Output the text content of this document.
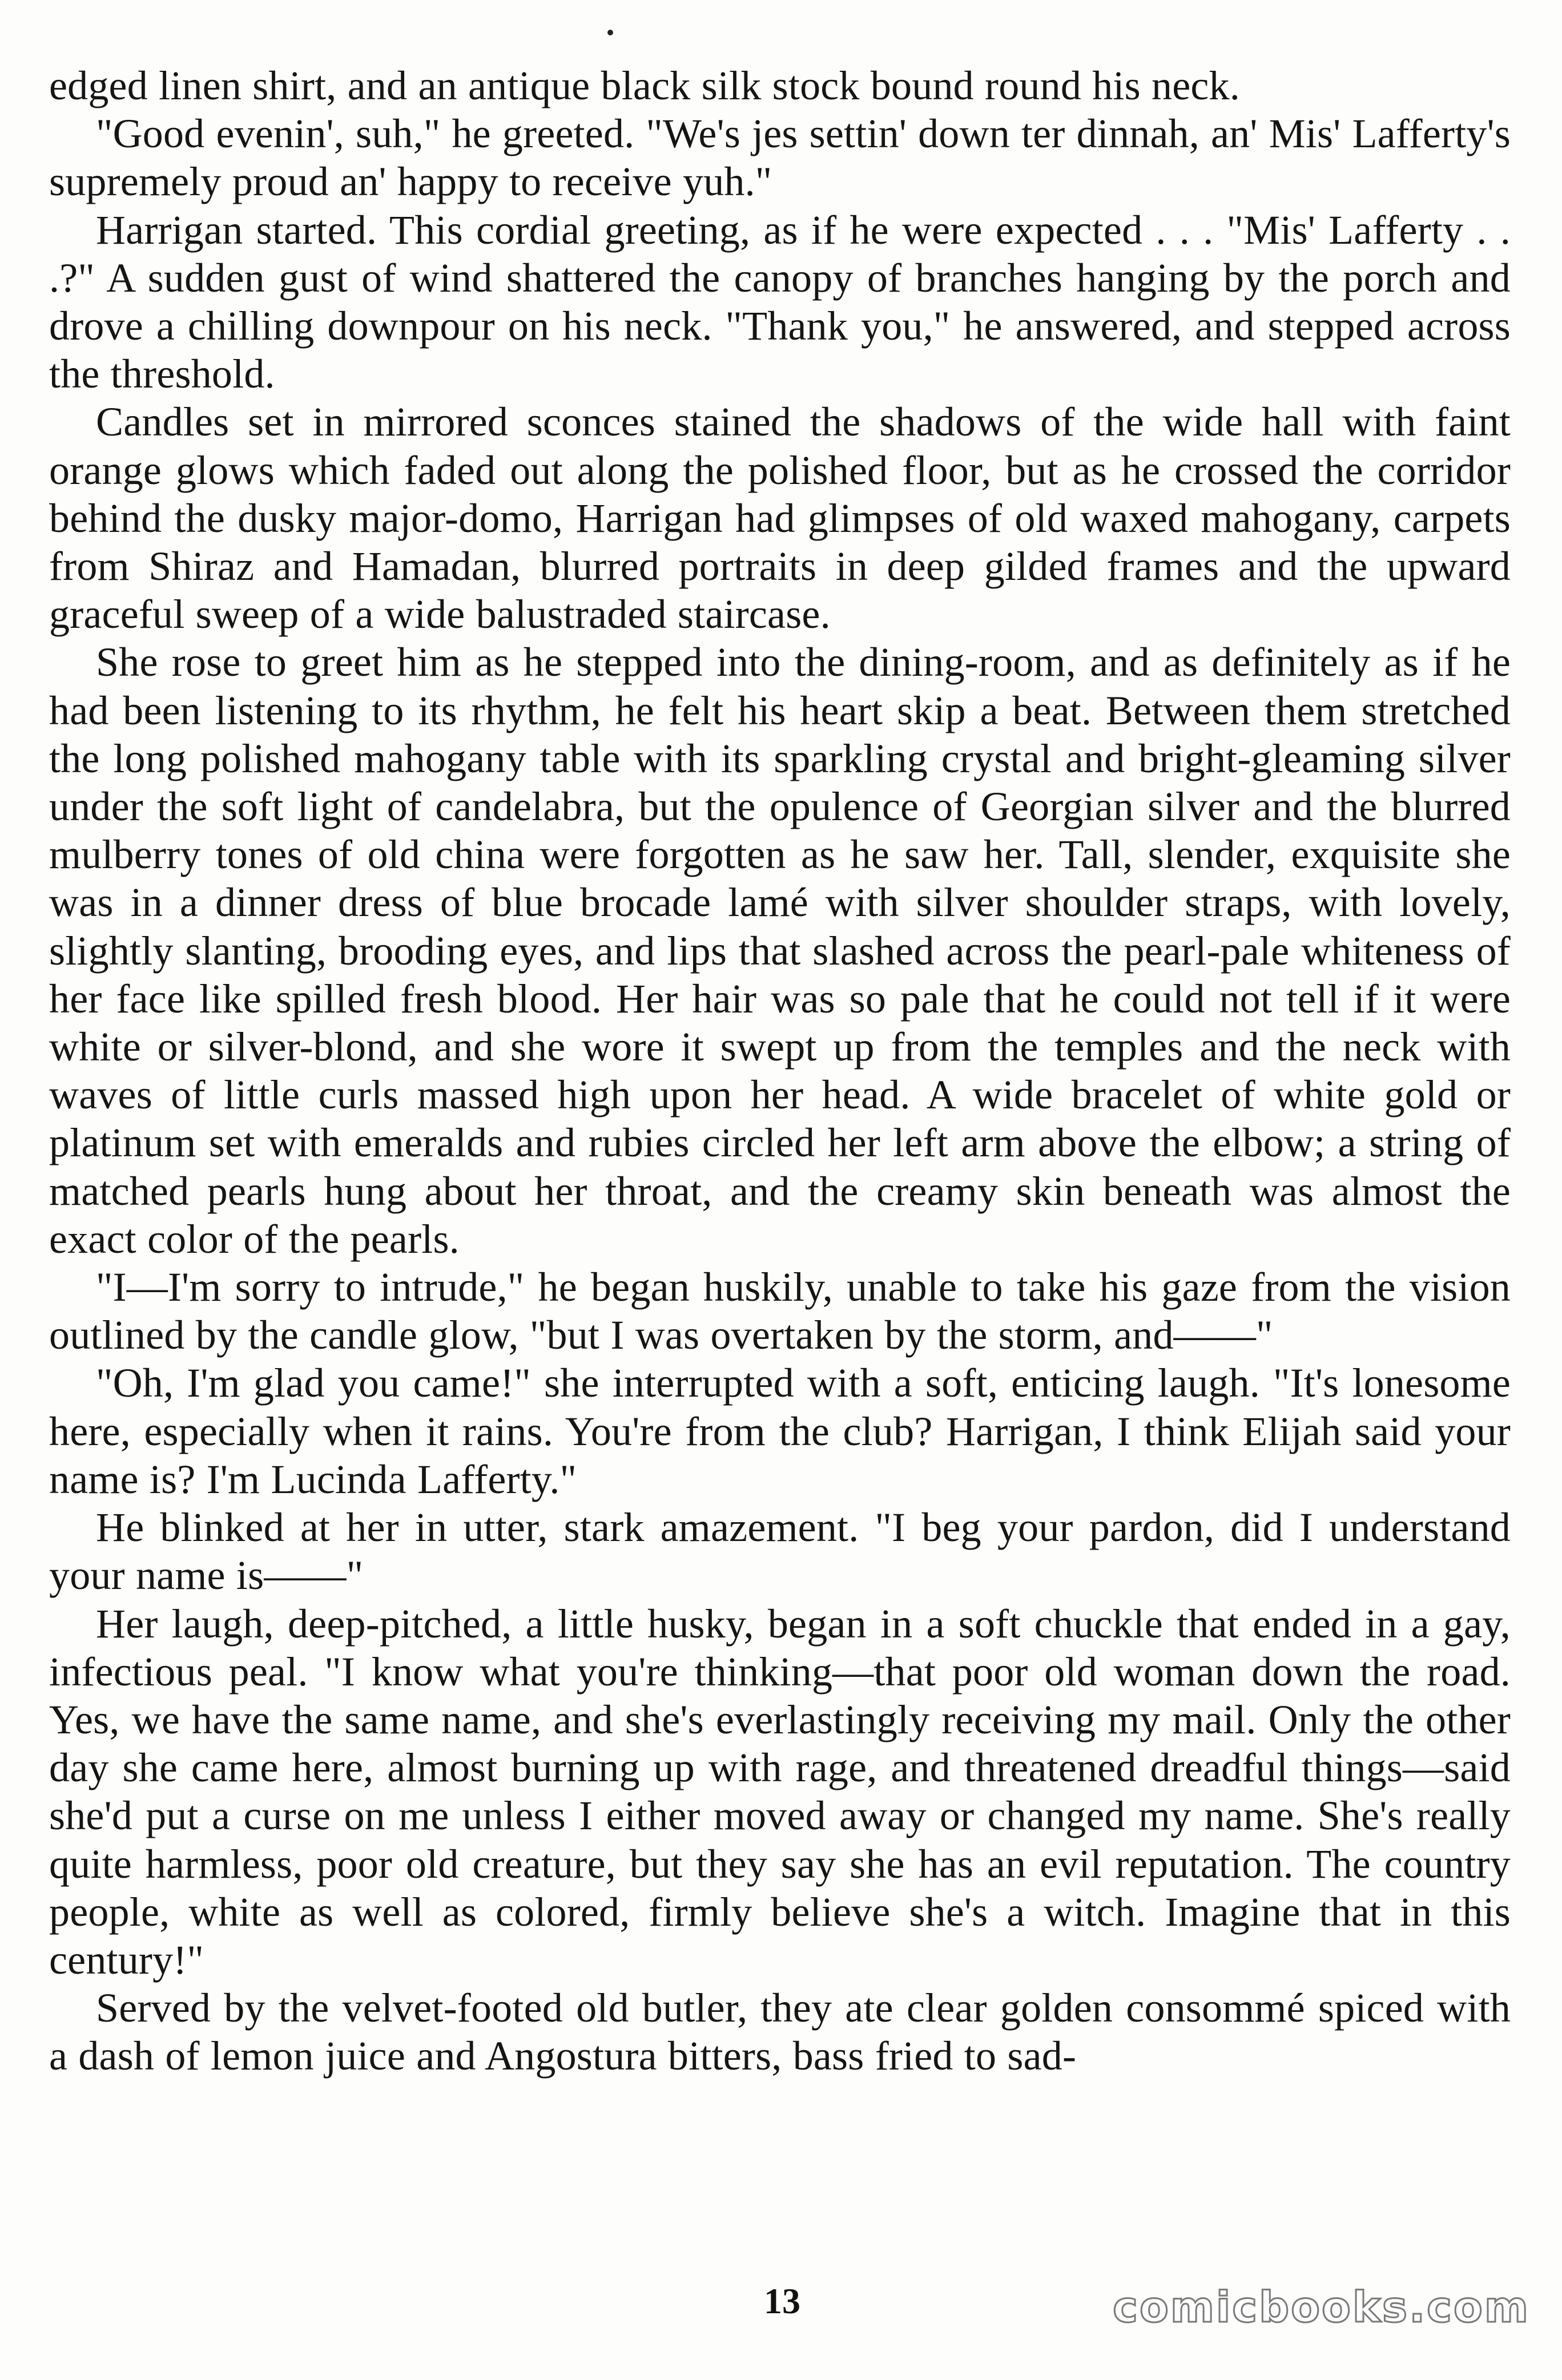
edged linen shirt, and an antique black silk stock bound round his neck.

"Good evenin', suh," he greeted. "We's jes settin' down ter dinnah, an' Mis' Lafferty's supremely proud an' happy to receive yuh."

Harrigan started. This cordial greeting, as if he were expected . . . "Mis' Lafferty . . .?" A sudden gust of wind shattered the canopy of branches hanging by the porch and drove a chilling downpour on his neck. "Thank you," he answered, and stepped across the threshold.

Candles set in mirrored sconces stained the shadows of the wide hall with faint orange glows which faded out along the polished floor, but as he crossed the corridor behind the dusky major-domo, Harrigan had glimpses of old waxed mahogany, carpets from Shiraz and Hamadan, blurred portraits in deep gilded frames and the upward graceful sweep of a wide balustraded staircase.

She rose to greet him as he stepped into the dining-room, and as definitely as if he had been listening to its rhythm, he felt his heart skip a beat. Between them stretched the long polished mahogany table with its sparkling crystal and bright-gleaming silver under the soft light of candelabra, but the opulence of Georgian silver and the blurred mulberry tones of old china were forgotten as he saw her. Tall, slender, exquisite she was in a dinner dress of blue brocade lamé with silver shoulder straps, with lovely, slightly slanting, brooding eyes, and lips that slashed across the pearl-pale whiteness of her face like spilled fresh blood. Her hair was so pale that he could not tell if it were white or silver-blond, and she wore it swept up from the temples and the neck with waves of little curls massed high upon her head. A wide bracelet of white gold or platinum set with emeralds and rubies circled her left arm above the elbow; a string of matched pearls hung about her throat, and the creamy skin beneath was almost the exact color of the pearls.

"I—I'm sorry to intrude," he began huskily, unable to take his gaze from the vision outlined by the candle glow, "but I was overtaken by the storm, and——"

"Oh, I'm glad you came!" she interrupted with a soft, enticing laugh. "It's lonesome here, especially when it rains. You're from the club? Harrigan, I think Elijah said your name is? I'm Lucinda Lafferty."

He blinked at her in utter, stark amazement. "I beg your pardon, did I understand your name is——"

Her laugh, deep-pitched, a little husky, began in a soft chuckle that ended in a gay, infectious peal. "I know what you're thinking—that poor old woman down the road. Yes, we have the same name, and she's everlastingly receiving my mail. Only the other day she came here, almost burning up with rage, and threatened dreadful things—said she'd put a curse on me unless I either moved away or changed my name. She's really quite harmless, poor old creature, but they say she has an evil reputation. The country people, white as well as colored, firmly believe she's a witch. Imagine that in this century!"

Served by the velvet-footed old butler, they ate clear golden consommé spiced with a dash of lemon juice and Angostura bitters, bass fried to sad-

13	comicbooks.com
